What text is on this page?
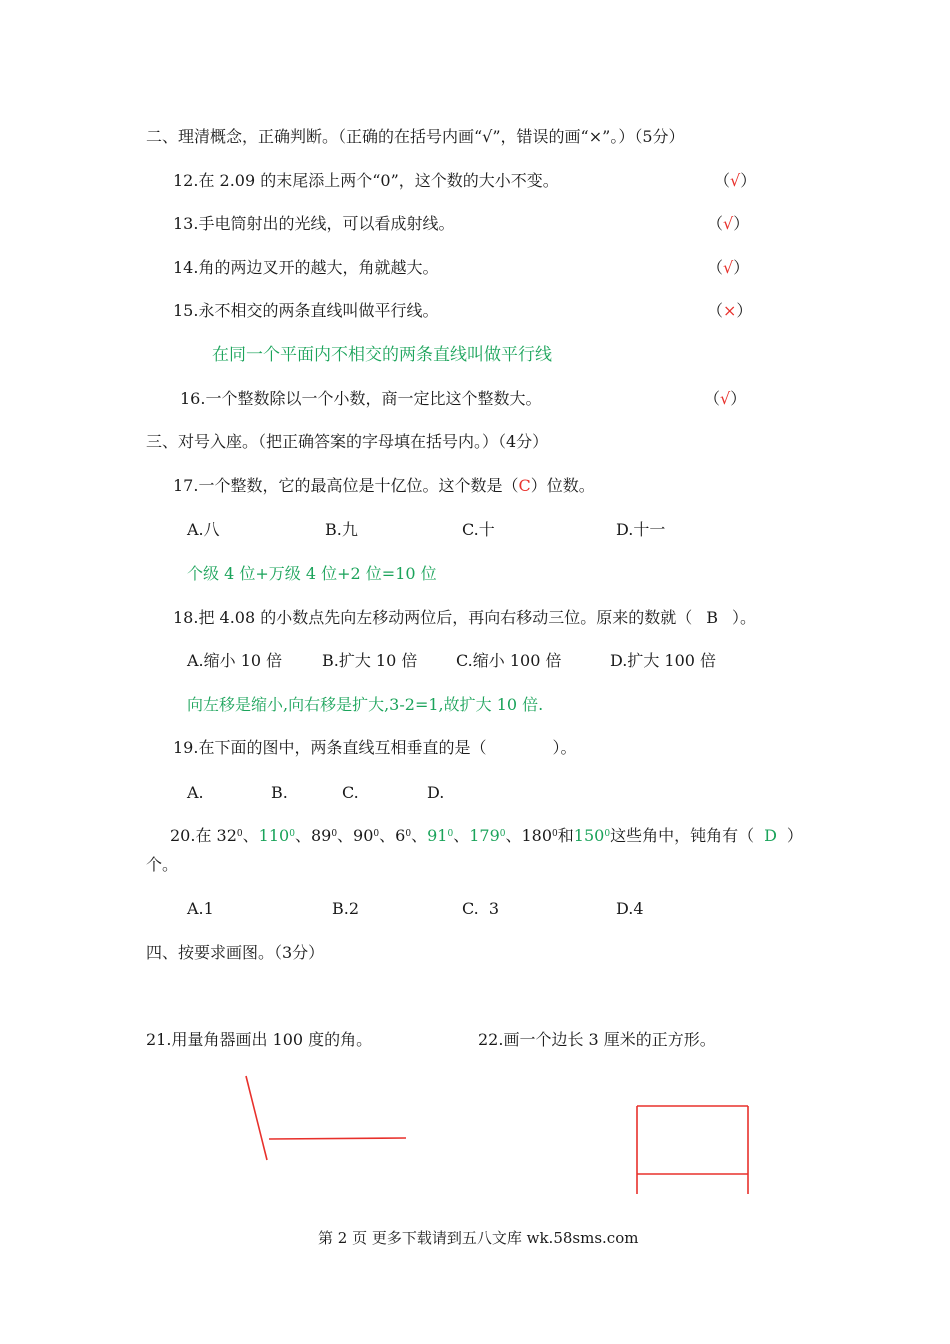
二、理清概念，正确判断。（正确的在括号内画“√”，错误的画“×”。）（5分）
12.在 2.09 的末尾添上两个“0”，这个数的大小不变。	（√）
13.手电筒射出的光线，可以看成射线。	（√）
14.角的两边叉开的越大，角就越大。	（√）
15.永不相交的两条直线叫做平行线。	（×）
在同一个平面内不相交的两条直线叫做平行线
16.一个整数除以一个小数，商一定比这个整数大。	（√）
三、对号入座。（把正确答案的字母填在括号内。）（4分）
17.一个整数，它的最高位是十亿位。这个数是（C）位数。
A.八	B.九	C.十	D.十一
个级 4 位+万级 4 位+2 位=10 位
18.把 4.08 的小数点先向左移动两位后，再向右移动三位。原来的数就（ B ）。
A.缩小 10 倍 B.扩大 10 倍 C.缩小 100 倍	D.扩大 100 倍
向左移是缩小,向右移是扩大,3-2=1,故扩大 10 倍.
19.在下面的图中，两条直线互相垂直的是（	）。
A.	B.	C.	D.
20.在 $32^0$、$110^0$、$89^0$、$90^0$、$6^0$、$91^0$、$179^0$、$180^0$和$150^0$这些角中，钝角有（ D ）
个。
A.1	B.2	C.  3	D.4
四、按要求画图。（3分）
21.用量角器画出 100 度的角。	22.画一个边长 3 厘米的正方形。
第 2 页 更多下载请到五八文库 wk.58sms.com
